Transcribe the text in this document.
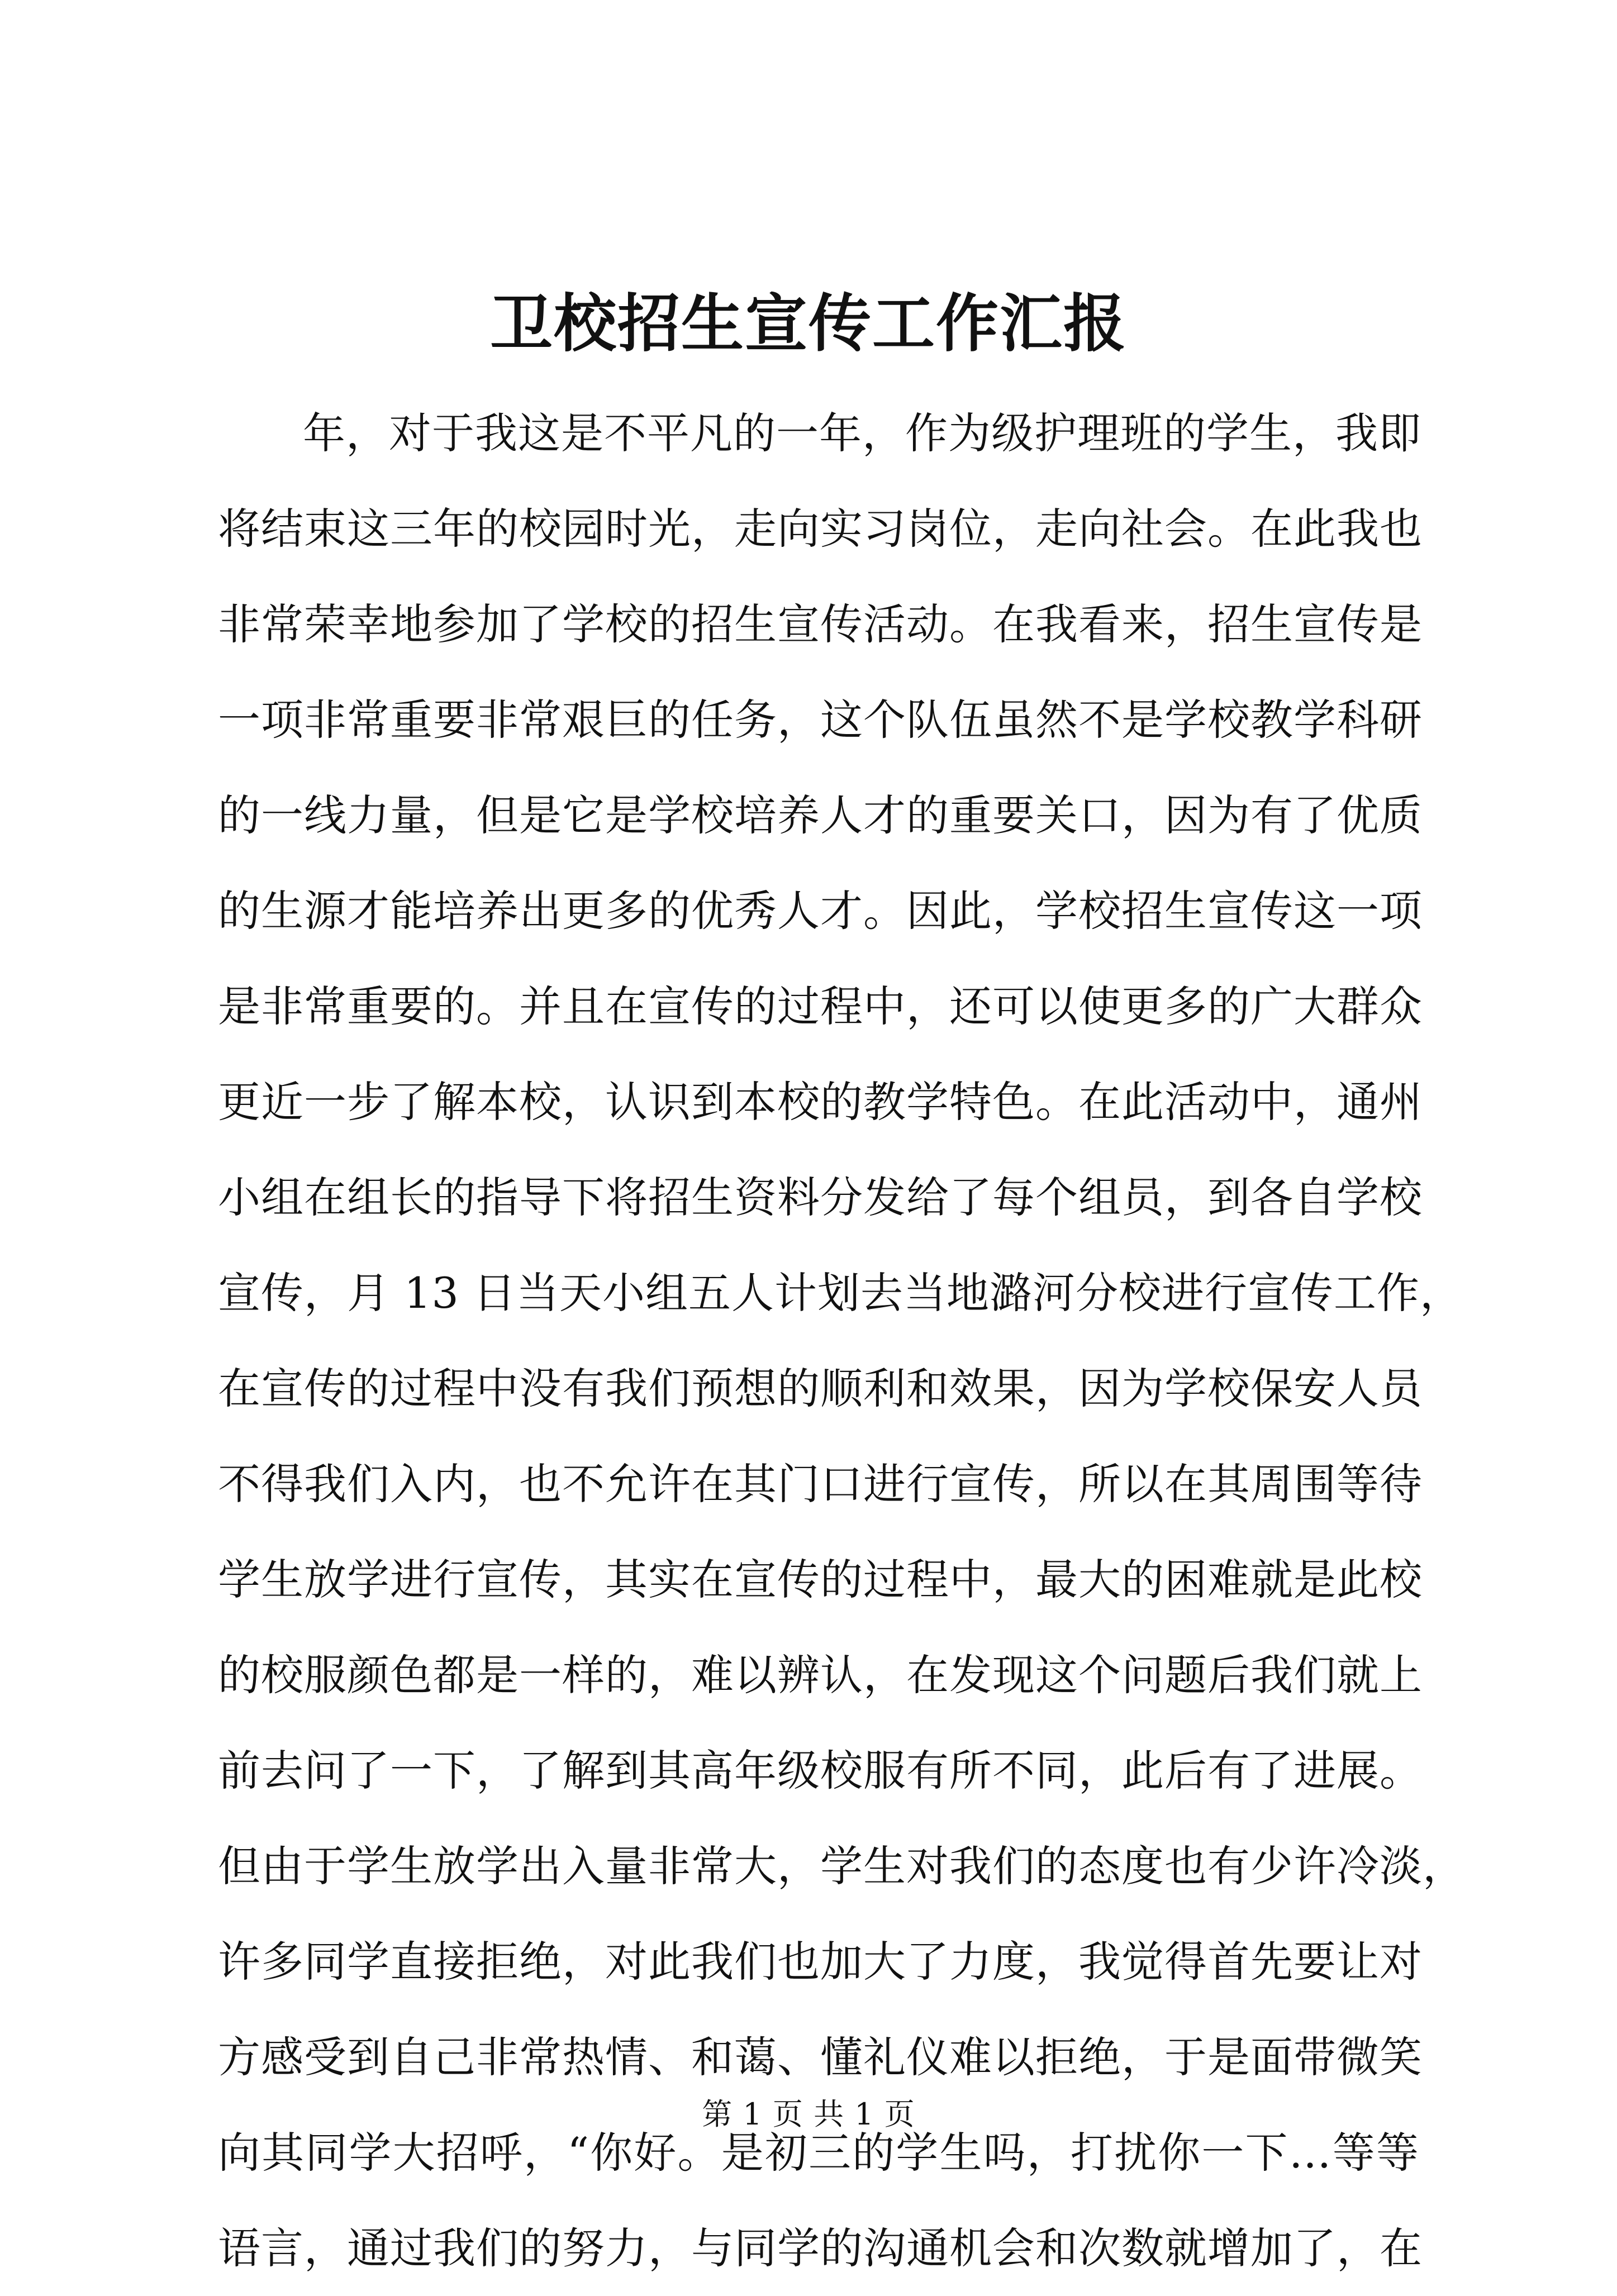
卫校招生宣传工作汇报
年，对于我这是不平凡的一年，作为级护理班的学生，我即
将结束这三年的校园时光，走向实习岗位，走向社会。在此我也
非常荣幸地参加了学校的招生宣传活动。在我看来，招生宣传是
一项非常重要非常艰巨的任务，这个队伍虽然不是学校教学科研
的一线力量，但是它是学校培养人才的重要关口，因为有了优质
的生源才能培养出更多的优秀人才。因此，学校招生宣传这一项
是非常重要的。并且在宣传的过程中，还可以使更多的广大群众
更近一步了解本校，认识到本校的教学特色。在此活动中，通州
小组在组长的指导下将招生资料分发给了每个组员，到各自学校
宣传，月 13 日当天小组五人计划去当地潞河分校进行宣传工作，
在宣传的过程中没有我们预想的顺利和效果，因为学校保安人员
不得我们入内，也不允许在其门口进行宣传，所以在其周围等待
学生放学进行宣传，其实在宣传的过程中，最大的困难就是此校
的校服颜色都是一样的，难以辨认，在发现这个问题后我们就上
前去问了一下，了解到其高年级校服有所不同，此后有了进展。
但由于学生放学出入量非常大，学生对我们的态度也有少许冷淡，
许多同学直接拒绝，对此我们也加大了力度，我觉得首先要让对
方感受到自己非常热情、和蔼、懂礼仪难以拒绝，于是面带微笑
向其同学大招呼，“你好。是初三的学生吗，打扰你一下…等等
语言，通过我们的努力，与同学的沟通机会和次数就增加了，在
第 1 页 共 1 页
